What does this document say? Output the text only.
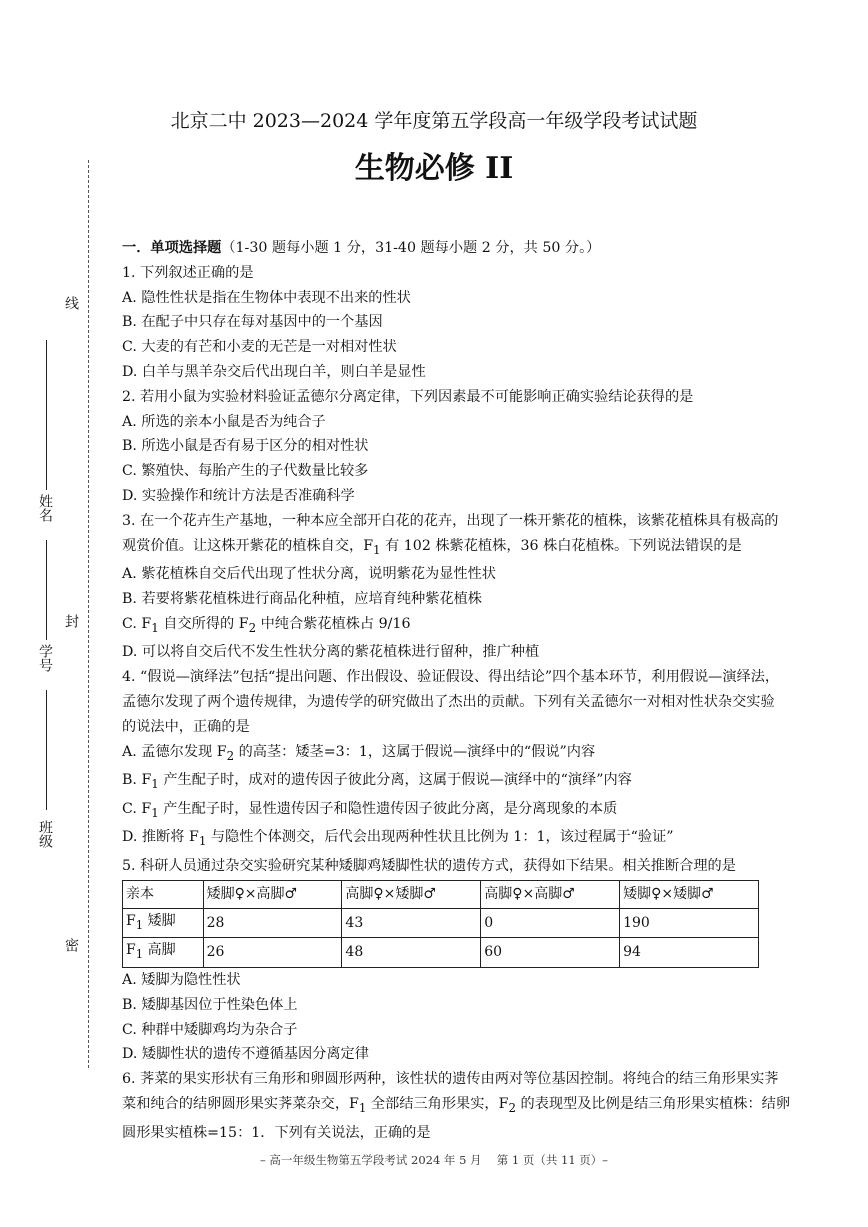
线
封
密
姓名
学号
班级
北京二中 2023—2024 学年度第五学段高一年级学段考试试题
生物必修 II

一．单项选择题（1-30 题每小题 1 分，31-40 题每小题 2 分，共 50 分。）

1. 下列叙述正确的是

A. 隐性性状是指在生物体中表现不出来的性状

B. 在配子中只存在每对基因中的一个基因

C. 大麦的有芒和小麦的无芒是一对相对性状

D. 白羊与黑羊杂交后代出现白羊，则白羊是显性

2. 若用小鼠为实验材料验证孟德尔分离定律，下列因素最不可能影响正确实验结论获得的是

A. 所选的亲本小鼠是否为纯合子

B. 所选小鼠是否有易于区分的相对性状

C. 繁殖快、每胎产生的子代数量比较多

D. 实验操作和统计方法是否准确科学

3. 在一个花卉生产基地，一种本应全部开白花的花卉，出现了一株开紫花的植株，该紫花植株具有极高的

观赏价值。让这株开紫花的植株自交，$F_1$ 有 102 株紫花植株，36 株白花植株。下列说法错误的是

A. 紫花植株自交后代出现了性状分离，说明紫花为显性性状

B. 若要将紫花植株进行商品化种植，应培育纯种紫花植株

C. $F_1$ 自交所得的 $F_2$ 中纯合紫花植株占 9/16

D. 可以将自交后代不发生性状分离的紫花植株进行留种，推广种植

4. “假说—演绎法”包括“提出问题、作出假设、验证假设、得出结论”四个基本环节，利用假说—演绎法，

孟德尔发现了两个遗传规律，为遗传学的研究做出了杰出的贡献。下列有关孟德尔一对相对性状杂交实验

的说法中，正确的是

A. 孟德尔发现 $F_2$ 的高茎：矮茎=3：1，这属于假说—演绎中的“假说”内容

B. $F_1$ 产生配子时，成对的遗传因子彼此分离，这属于假说—演绎中的“演绎”内容

C. $F_1$ 产生配子时，显性遗传因子和隐性遗传因子彼此分离，是分离现象的本质

D. 推断将 $F_1$ 与隐性个体测交，后代会出现两种性状且比例为 1：1，该过程属于“验证”

5. 科研人员通过杂交实验研究某种矮脚鸡矮脚性状的遗传方式，获得如下结果。相关推断合理的是

亲本	矮脚♀×高脚♂	高脚♀×矮脚♂	高脚♀×高脚♂	矮脚♀×矮脚♂
$F_1$ 矮脚	28	43	0	190
$F_1$ 高脚	26	48	60	94

A. 矮脚为隐性性状

B. 矮脚基因位于性染色体上

C. 种群中矮脚鸡均为杂合子

D. 矮脚性状的遗传不遵循基因分离定律

6. 荠菜的果实形状有三角形和卵圆形两种，该性状的遗传由两对等位基因控制。将纯合的结三角形果实荠

菜和纯合的结卵圆形果实荠菜杂交，$F_1$ 全部结三角形果实，$F_2$ 的表现型及比例是结三角形果实植株：结卵

圆形果实植株=15：1．下列有关说法，正确的是

– 高一年级生物第五学段考试 2024 年 5 月 　第 1 页（共 11 页）–
